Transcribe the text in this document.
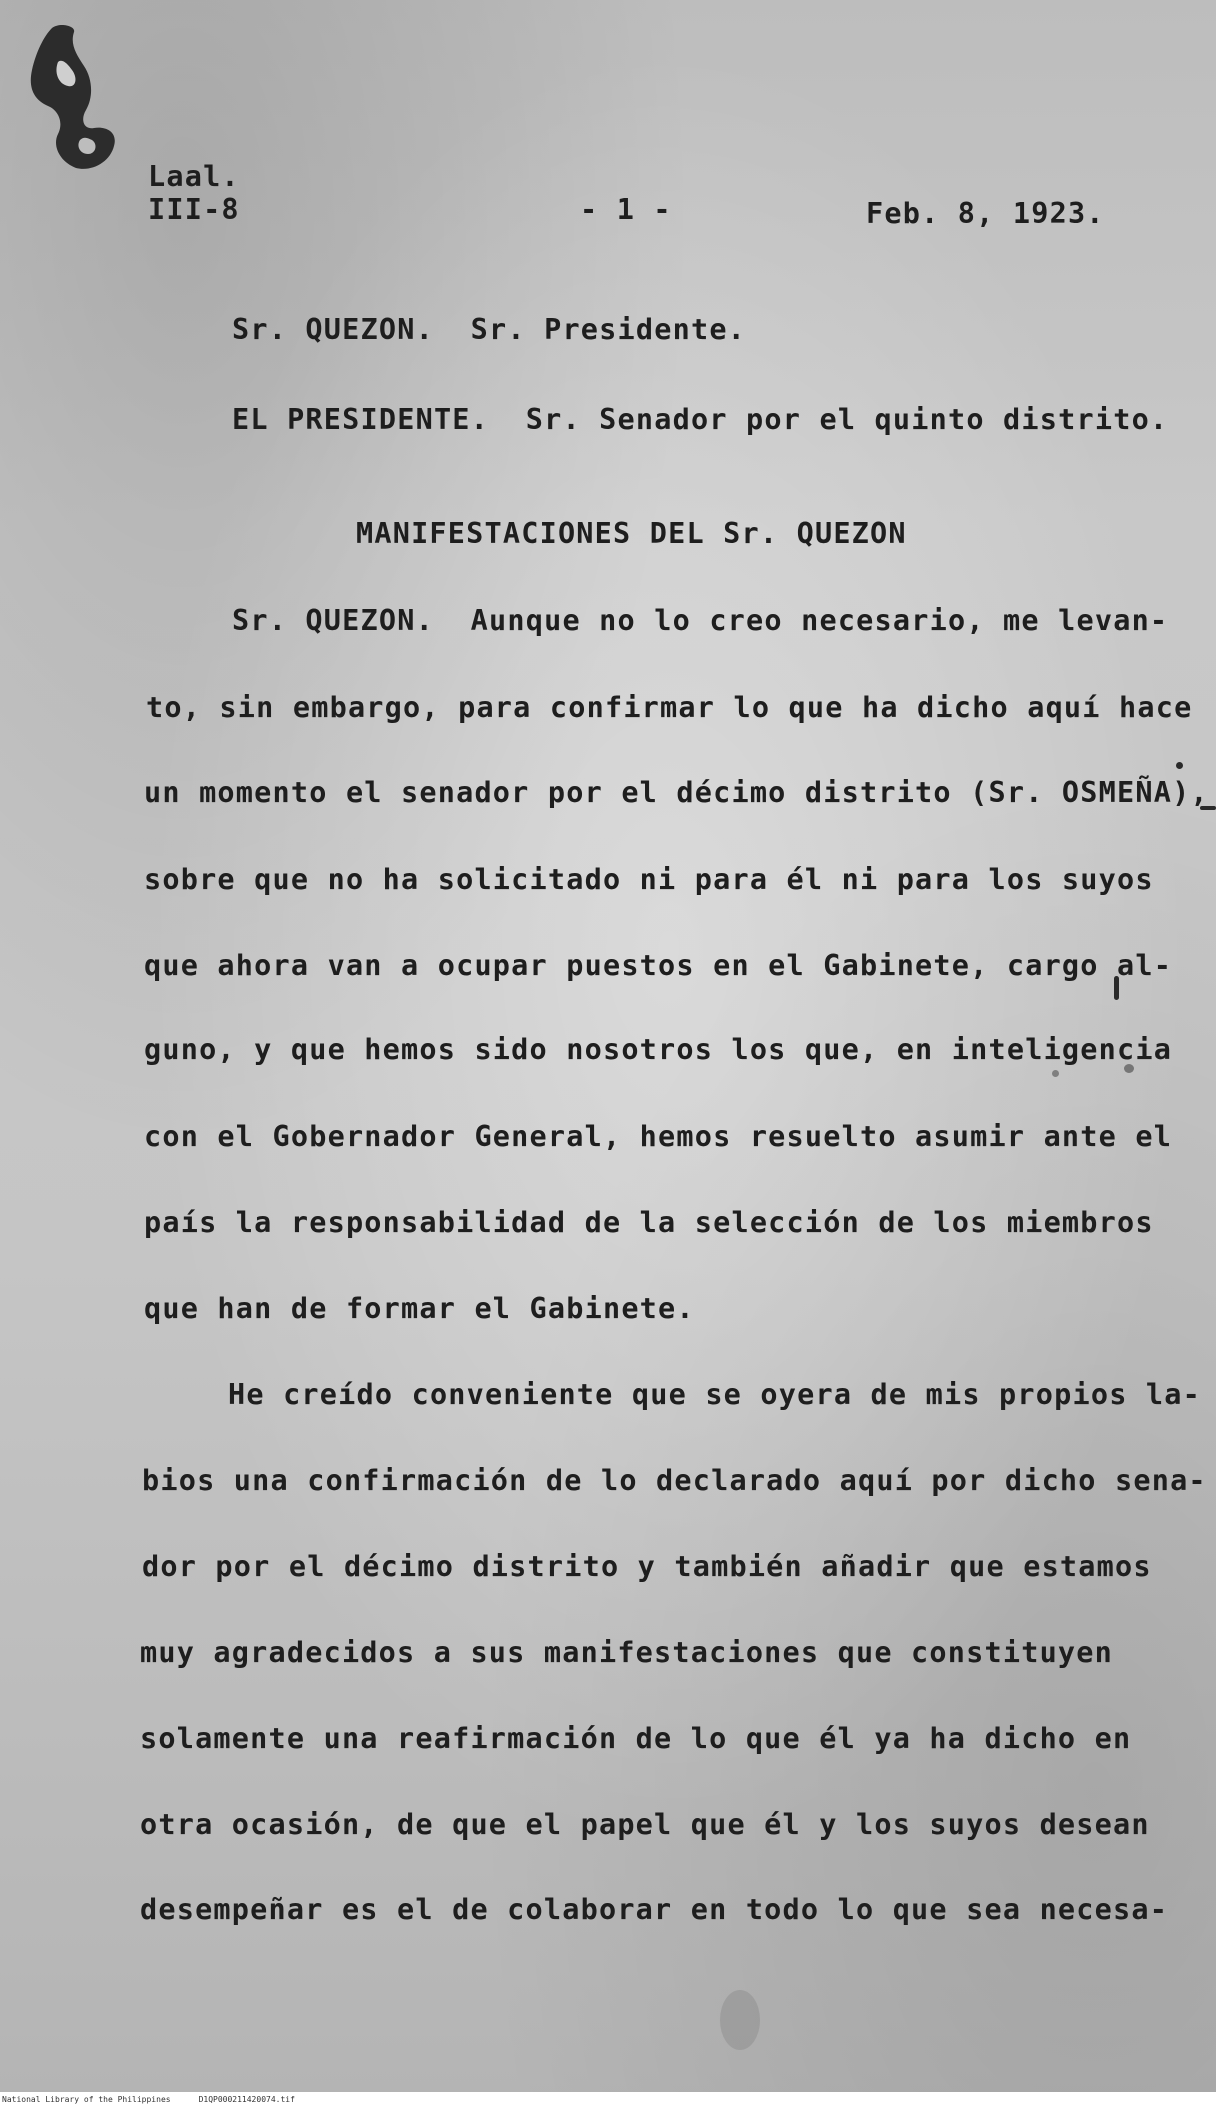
Laal.
III-8	- 1 -	Feb. 8, 1923.
Sr. QUEZON.  Sr. Presidente.
EL PRESIDENTE.  Sr. Senador por el quinto distrito.
MANIFESTACIONES DEL Sr. QUEZON
Sr. QUEZON.  Aunque no lo creo necesario, me levan-
to, sin embargo, para confirmar lo que ha dicho aquí hace
un momento el senador por el décimo distrito (Sr. OSMEÑA),
sobre que no ha solicitado ni para él ni para los suyos
que ahora van a ocupar puestos en el Gabinete, cargo al-
guno, y que hemos sido nosotros los que, en inteligencia
con el Gobernador General, hemos resuelto asumir ante el
país la responsabilidad de la selección de los miembros
que han de formar el Gabinete.
He creído conveniente que se oyera de mis propios la-
bios una confirmación de lo declarado aquí por dicho sena-
dor por el décimo distrito y también añadir que estamos
muy agradecidos a sus manifestaciones que constituyen
solamente una reafirmación de lo que él ya ha dicho en
otra ocasión, de que el papel que él y los suyos desean
desempeñar es el de colaborar en todo lo que sea necesa-
National Library of the Philippines	D1QP000211420074.tif
